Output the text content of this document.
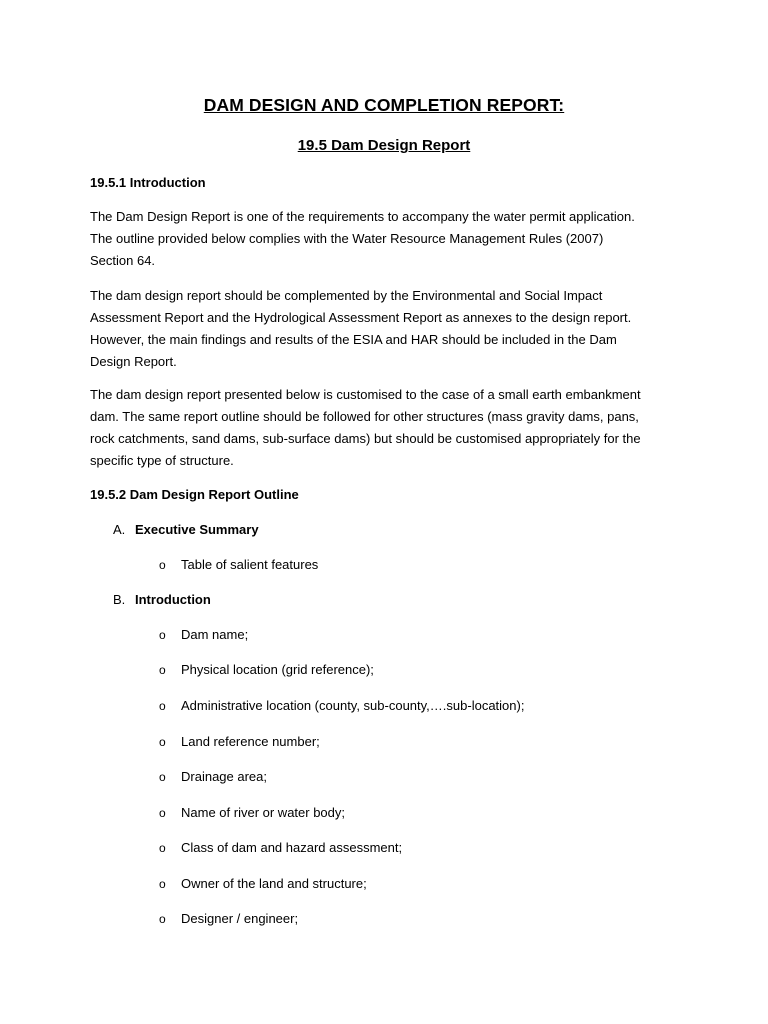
DAM DESIGN AND COMPLETION REPORT:
19.5 Dam Design Report
19.5.1 Introduction
The Dam Design Report is one of the requirements to accompany the water permit application.
The outline provided below complies with the Water Resource Management Rules (2007)
Section 64.
The dam design report should be complemented by the Environmental and Social Impact
Assessment Report and the Hydrological Assessment Report as annexes to the design report.
However, the main findings and results of the ESIA and HAR should be included in the Dam
Design Report.
The dam design report presented below is customised to the case of a small earth embankment
dam. The same report outline should be followed for other structures (mass gravity dams, pans,
rock catchments, sand dams, sub-surface dams) but should be customised appropriately for the
specific type of structure.
19.5.2 Dam Design Report Outline
A. Executive Summary
o Table of salient features
B. Introduction
o Dam name;
o Physical location (grid reference);
o Administrative location (county, sub-county,….sub-location);
o Land reference number;
o Drainage area;
o Name of river or water body;
o Class of dam and hazard assessment;
o Owner of the land and structure;
o Designer / engineer;
